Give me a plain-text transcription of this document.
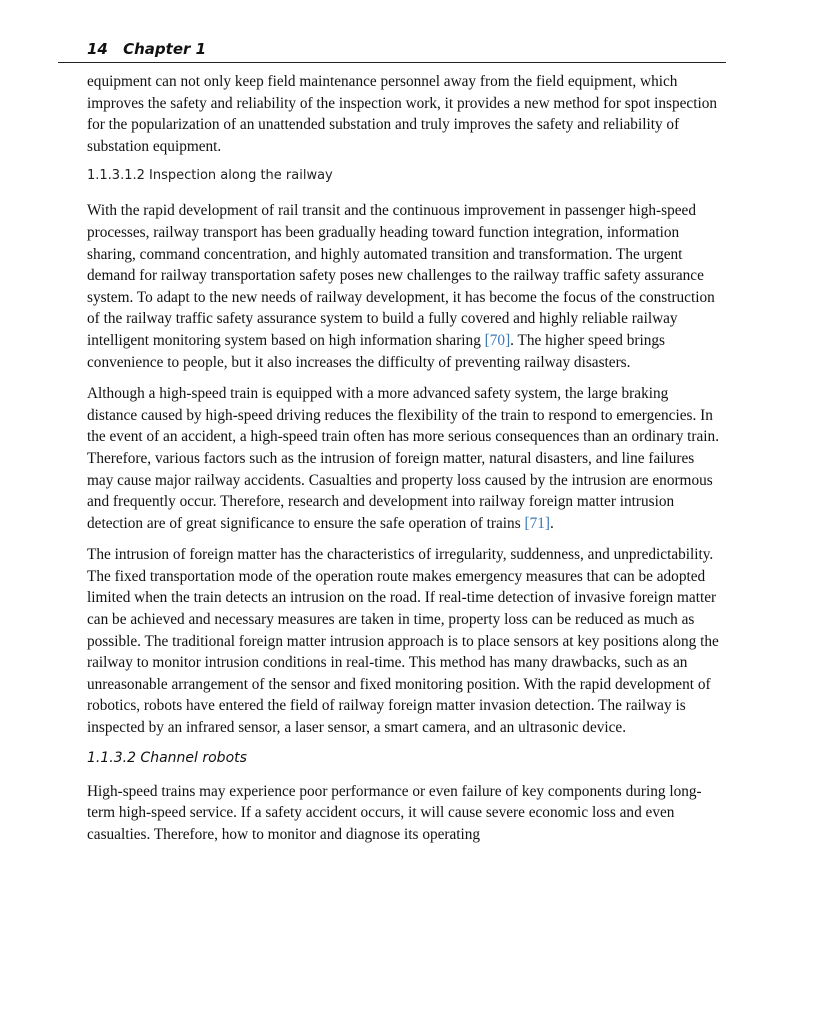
14 Chapter 1

equipment can not only keep field maintenance personnel away from the field equipment, which improves the safety and reliability of the inspection work, it provides a new method for spot inspection for the popularization of an unattended substation and truly improves the safety and reliability of substation equipment.

1.1.3.1.2 Inspection along the railway

With the rapid development of rail transit and the continuous improvement in passenger high-speed processes, railway transport has been gradually heading toward function integration, information sharing, command concentration, and highly automated transition and transformation. The urgent demand for railway transportation safety poses new challenges to the railway traffic safety assurance system. To adapt to the new needs of railway development, it has become the focus of the construction of the railway traffic safety assurance system to build a fully covered and highly reliable railway intelligent monitoring system based on high information sharing [70]. The higher speed brings convenience to people, but it also increases the difficulty of preventing railway disasters.

Although a high-speed train is equipped with a more advanced safety system, the large braking distance caused by high-speed driving reduces the flexibility of the train to respond to emergencies. In the event of an accident, a high-speed train often has more serious consequences than an ordinary train. Therefore, various factors such as the intrusion of foreign matter, natural disasters, and line failures may cause major railway accidents. Casualties and property loss caused by the intrusion are enormous and frequently occur. Therefore, research and development into railway foreign matter intrusion detection are of great significance to ensure the safe operation of trains [71].

The intrusion of foreign matter has the characteristics of irregularity, suddenness, and unpredictability. The fixed transportation mode of the operation route makes emergency measures that can be adopted limited when the train detects an intrusion on the road. If real-time detection of invasive foreign matter can be achieved and necessary measures are taken in time, property loss can be reduced as much as possible. The traditional foreign matter intrusion approach is to place sensors at key positions along the railway to monitor intrusion conditions in real-time. This method has many drawbacks, such as an unreasonable arrangement of the sensor and fixed monitoring position. With the rapid development of robotics, robots have entered the field of railway foreign matter invasion detection. The railway is inspected by an infrared sensor, a laser sensor, a smart camera, and an ultrasonic device.

1.1.3.2 Channel robots

High-speed trains may experience poor performance or even failure of key components during long-term high-speed service. If a safety accident occurs, it will cause severe economic loss and even casualties. Therefore, how to monitor and diagnose its operating
